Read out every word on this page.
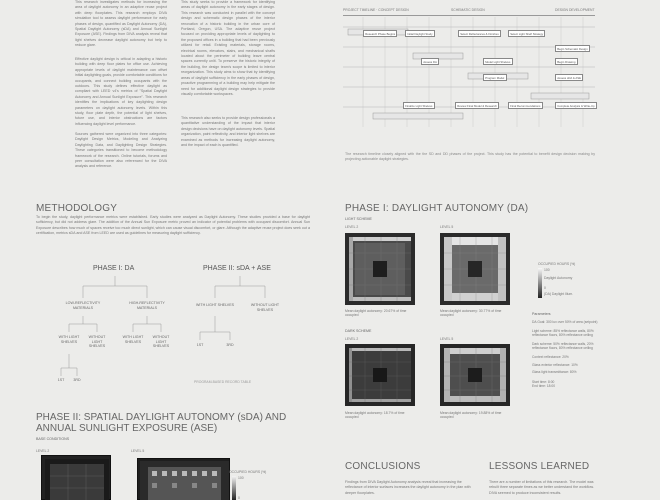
This research investigates methods for increasing the area of daylight autonomy in an adaptive reuse project with deep floorplates. This research employs DIVA simulation tool to assess daylight performance for early phases of design, quantified as Daylight Autonomy (DA), Spatial Daylight Autonomy (sDA) and Annual Sunlight Exposure (ASE). Findings from DIVA analysis reveal that light shelves decrease daylight autonomy but help to reduce glare.
Effective daylight design is critical in adapting a historic building with deep floor plates for office use. Achieving appropriate levels of daylight maintenance can offset initial daylighting goals, provide comfortable conditions for occupants, and connect building occupants with the outdoors. This study defines effective daylight as compliant with LEED v4's metrics of "Spatial Daylight Autonomy and Annual Sunlight Exposure". This research identifies the implications of key daylighting design parameters on daylight autonomy levels. Within this study, floor plate depth, the potential of light shelves, future use, and interior obstructions are factors influencing daylight level performance.
Sources gathered were organized into three categories: Daylight Design Metrics, Modeling and Analyzing Daylighting Data, and Daylighting Design Strategies. These categories transitioned to become methodology framework of the research. Online tutorials, forums and peer consultation were also referenced for the DIVA analysis and reference.
This study seeks to provide a framework for identifying areas of daylight autonomy in the early stages of design. This research was conducted in parallel with the concept design and schematic design phases of the interior renovation of a historic building in the urban core of Portland, Oregon, USA. The adaptive reuse project focused on providing appropriate levels of daylighting to the proposed offices in a building that had been previously utilized for retail. Existing materials, storage rooms, electrical rooms, elevators, stairs, and mechanical shafts located about the perimeter of building leave central spaces currently unlit. To preserve the historic integrity of the building, the design team's scope is limited to interior reorganization. This study aims to show that by identifying areas of daylight sufficiency in the early phases of design, proactive programming of a building may help mitigate the need for additional daylight design strategies to provide visually comfortable workspaces.
This research also seeks to provide design professionals a quantitative understanding of the impact that interior design decisions have on daylight autonomy levels. Spatial organization, paint reflectivity, and interior light shelves are examined as methods for increasing daylight autonomy, and the impact of each is quantified.
PROJECT TIMELINE · CONCEPT DESIGN	SCHEMATIC DESIGN	DESIGN DEVELOPMENT
Research Phase Begins	Initial Daylight Study	Select Reflectances & Finishes	Select Light Shelf Strategy
Begin Schematic Design
Assess DA	Model Light Shelves	Begin Drawing
Program Model	Assess sDA & ASE
Finalize Light Shelves	Review Final Model & Research	Final Recommendations	Complete Analysis & Write-Up
The research timeline closely aligned with the the SD and DD phases of the project. This study has the potential to benefit design decision making by projecting actionable daylight strategies.
METHODOLOGY
To begin the study, daylight performance metrics were established. Early studies were analyzed as Daylight Autonomy. These studies provided a base for daylight sufficiency, but did not address glare. The addition of the Annual Sun Exposure metric proved an indicator of potential problems with occupant discomfort. Annual Sun Exposure describes how much of spaces receive too much direct sunlight, which can cause visual discomfort, or glare. Although the adaptive reuse project does seek out a certification, metrics sDA and ASE from LEED are used as guidelines for measuring daylight sufficiency.
PHASE I: DA	PHASE II: sDA + ASE
LOW-REFLECTIVITY MATERIALS
HIGH-REFLECTIVITY MATERIALS
WITH LIGHT SHELVES
WITHOUT LIGHT SHELVES
WITH LIGHT SHELVES
WITHOUT LIGHT SHELVES
1ST	3RD
WITH LIGHT SHELVES	WITHOUT LIGHT SHELVES
1ST	3RD
PROGRAM-BASED RECORD TABLE
PHASE II: SPATIAL DAYLIGHT AUTONOMY (sDA) AND ANNUAL SUNLIGHT EXPOSURE (ASE)
BASE CONDITIONS
LEVEL 2	LEVEL 5
OCCUPIED HOURS (%)
100
0
PHASE I: DAYLIGHT AUTONOMY (DA)
LIGHT SCHEME
LEVEL 2	LEVEL 5
Mean daylight autonomy: 20.67% of time occupied
Mean daylight autonomy: 30.77% of time occupied
DARK SCHEME
LEVEL 2	LEVEL 5
Mean daylight autonomy: 18.7% of time occupied
Mean daylight autonomy: 19.88% of time occupied
OCCUPIED HOURS (%)
100
Daylight Autonomy
0
(DA) Daylight Illum.
Parameters
DA Goal: 300 lux over 50% of area (setpoint)
Light scheme: 85% reflectance walls, 80% reflectance floors, 80% reflectance ceiling
Dark scheme: 50% reflectance walls, 20% reflectance floors, 80% reflectance ceiling
Context reflectance: 20%
Glass exterior reflectance: 10%
Glass light transmittance: 80%
Start time: 8:00
End time: 18:00
CONCLUSIONS
Findings from DIVA Daylight Autonomy analysis reveal that increasing the reflectance of interior surfaces increases the daylight autonomy in the plan with deeper floorplates.
LESSONS LEARNED
There are a number of limitations of this research. The model was rebuilt three separate times as we better understand the workflow. DIVA seemed to produce inconsistent results.
